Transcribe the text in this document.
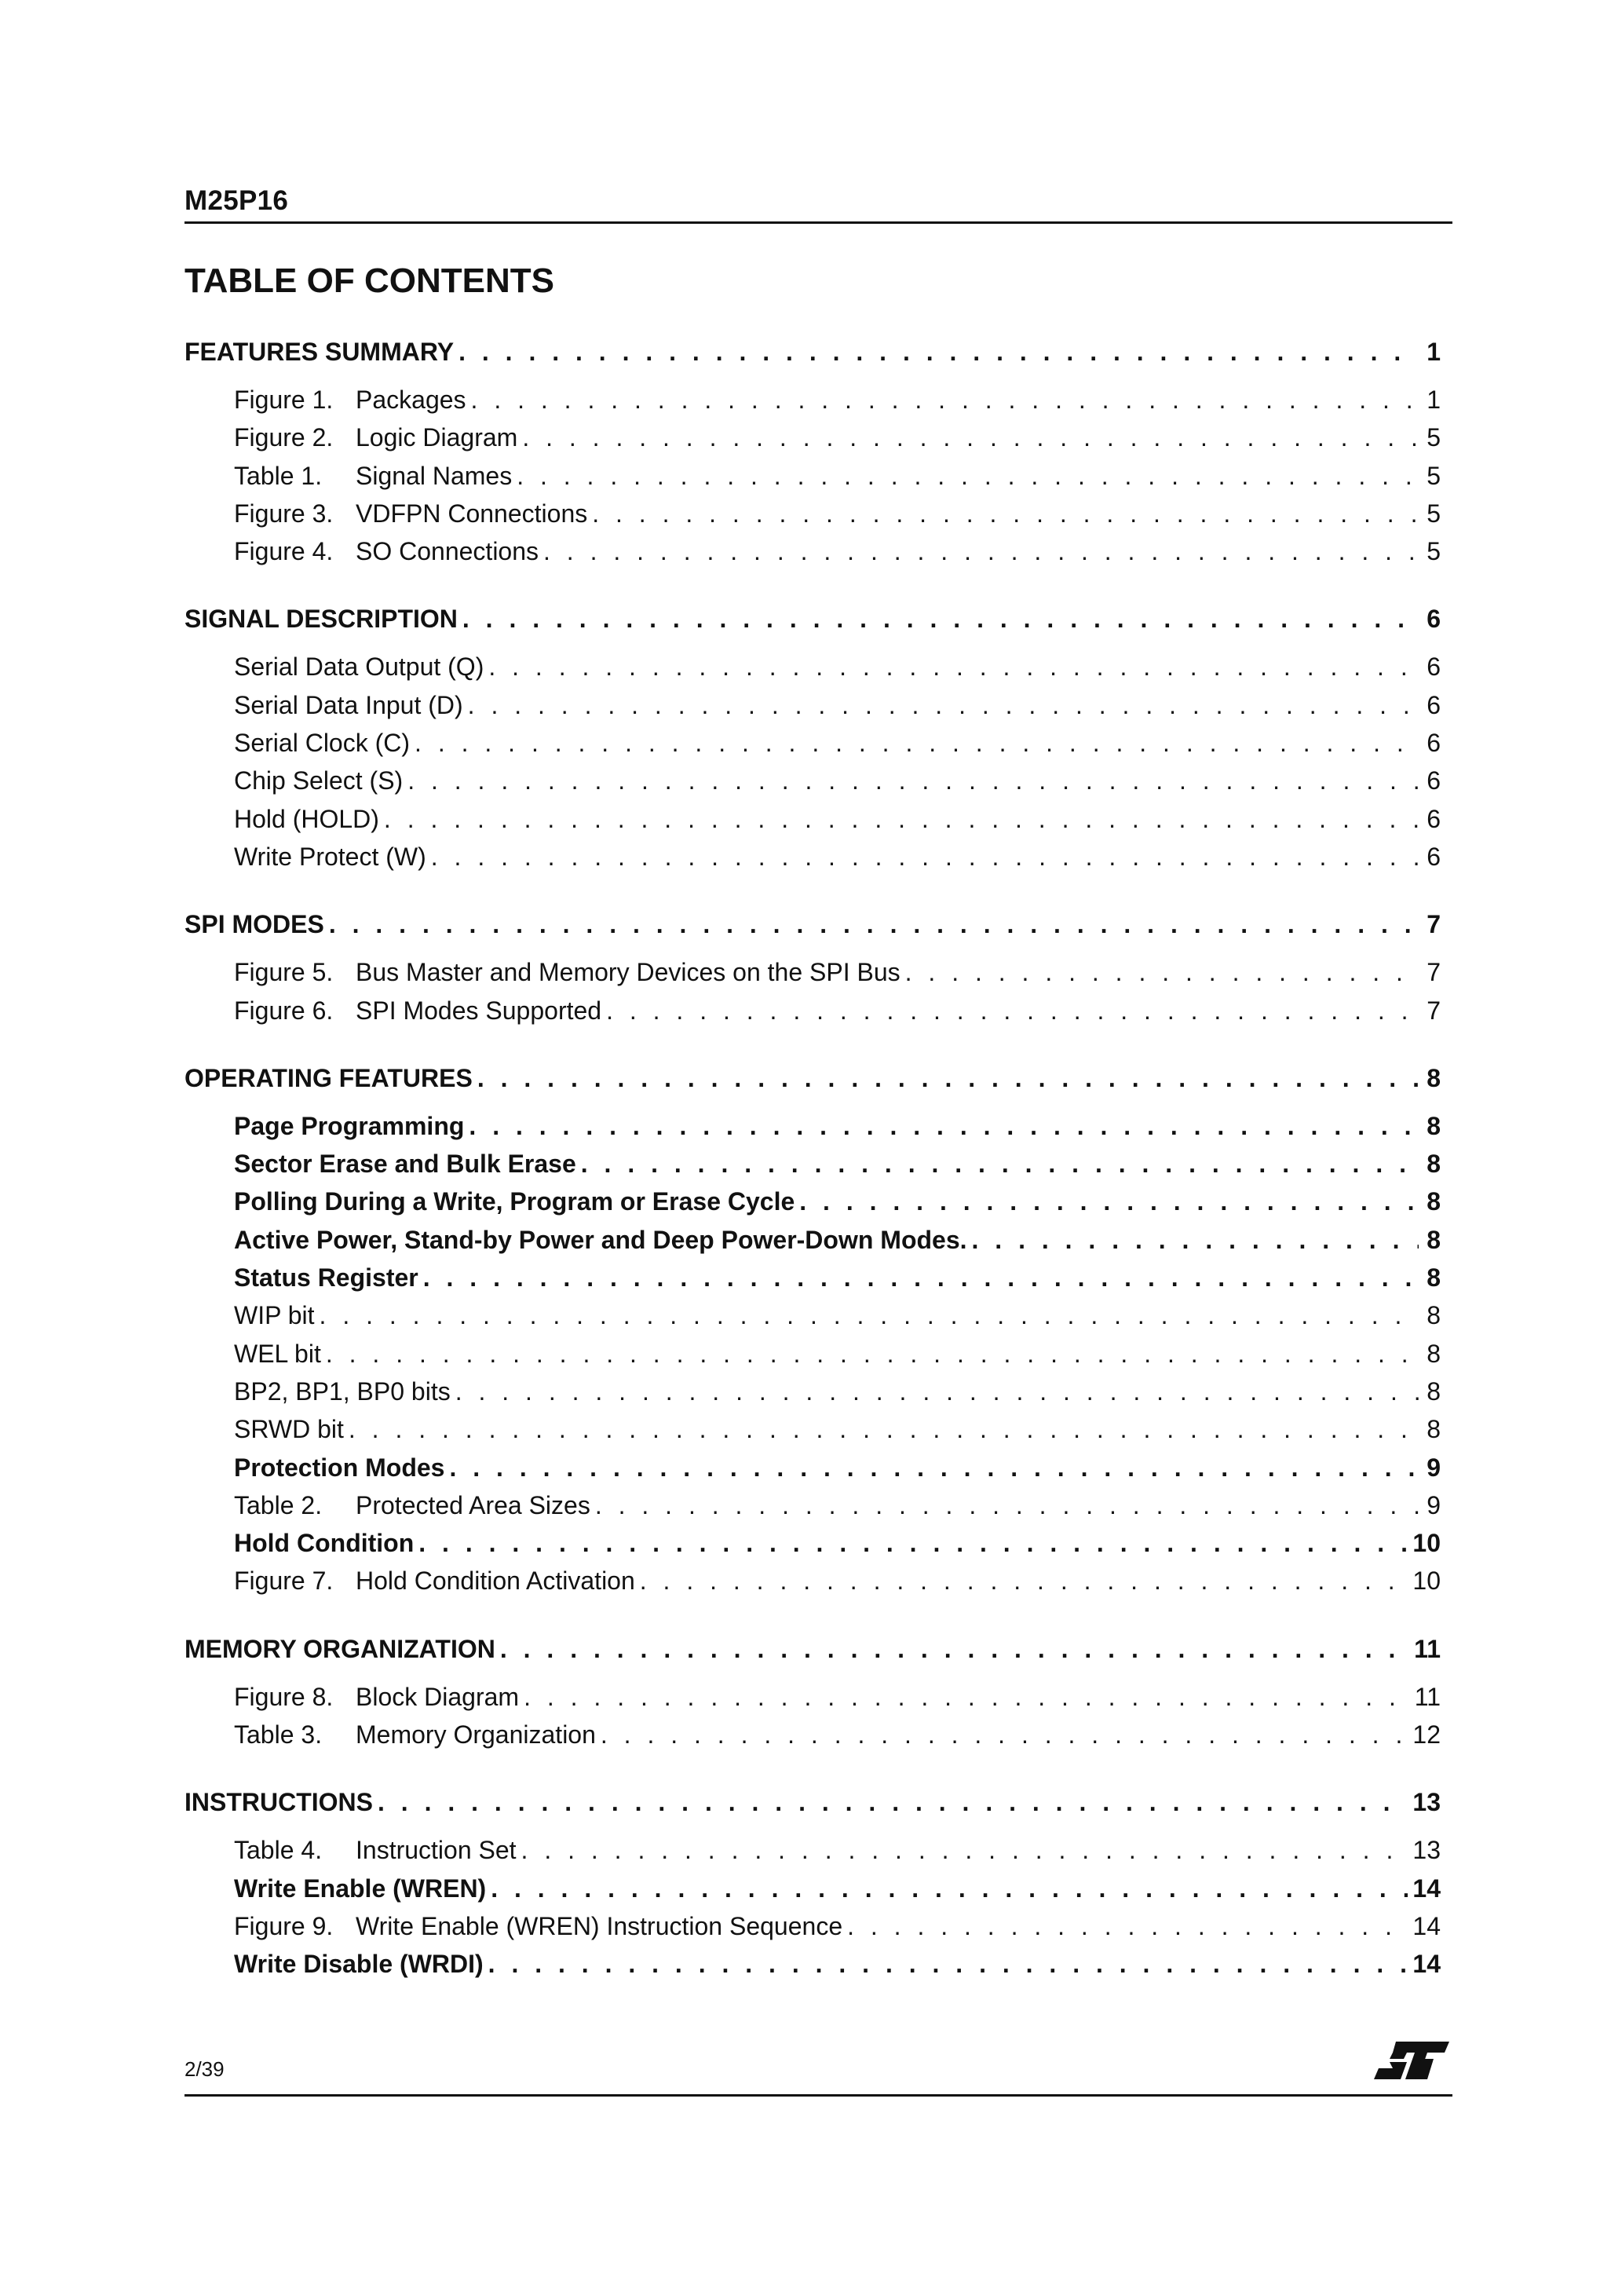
M25P16
TABLE OF CONTENTS
FEATURES SUMMARY . . .	1
Figure 1. Packages . . .	1
Figure 2. Logic Diagram . . .	5
Table 1.	Signal Names . . .	5
Figure 3. VDFPN Connections . . .	5
Figure 4. SO Connections . . .	5
SIGNAL DESCRIPTION . . .	6
Serial Data Output (Q) . . .	6
Serial Data Input (D) . . .	6
Serial Clock (C) . . .	6
Chip Select (S) . . .	6
Hold (HOLD) . . .	6
Write Protect (W) . . .	6
SPI MODES . . .	7
Figure 5. Bus Master and Memory Devices on the SPI Bus . . .	7
Figure 6. SPI Modes Supported . . .	7
OPERATING FEATURES . . .	8
Page Programming . . .	8
Sector Erase and Bulk Erase . . .	8
Polling During a Write, Program or Erase Cycle . . .	8
Active Power, Stand-by Power and Deep Power-Down Modes. . . .	8
Status Register . . .	8
WIP bit . . .	8
WEL bit . . .	8
BP2, BP1, BP0 bits . . .	8
SRWD bit . . .	8
Protection Modes . . .	9
Table 2.	Protected Area Sizes . . .	9
Hold Condition . . .	10
Figure 7. Hold Condition Activation . . .	10
MEMORY ORGANIZATION . . .	11
Figure 8. Block Diagram . . .	11
Table 3.	Memory Organization . . .	12
INSTRUCTIONS . . .	13
Table 4.	Instruction Set . . .	13
Write Enable (WREN) . . .	14
Figure 9. Write Enable (WREN) Instruction Sequence . . .	14
Write Disable (WRDI) . . .	14
2/39
